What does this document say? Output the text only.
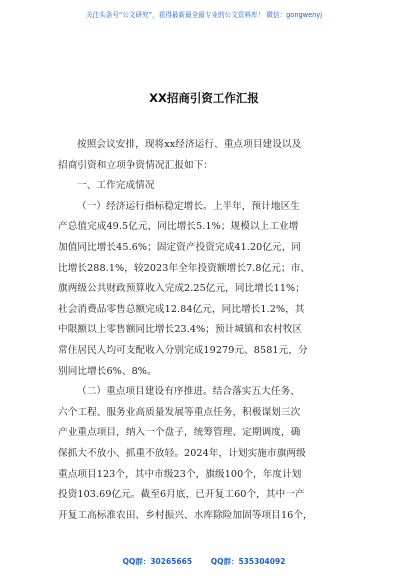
关注头条号“公文研究”，获得最新最全最专业的公文资料库！ 微信：gongwenyj
XX招商引资工作汇报
按照会议安排，现将xx经济运行、重点项目建设以及
招商引资和立项争资情况汇报如下：
一、工作完成情况
（一）经济运行指标稳定增长。上半年，预计地区生
产总值完成49.5亿元，同比增长5.1%；规模以上工业增
加值同比增长45.6%；固定资产投资完成41.20亿元，同
比增长288.1%，较2023年全年投资额增长7.8亿元；市、
旗两级公共财政预算收入完成2.25亿元，同比增长11%；
社会消费品零售总额完成12.84亿元，同比增长1.2%，其
中限额以上零售额同比增长23.4%；预计城镇和农村牧区
常住居民人均可支配收入分别完成19279元、8581元，分
别同比增长6%、8%。
（二）重点项目建设有序推进。结合落实五大任务、
六个工程、服务业高质量发展等重点任务，积极谋划三次
产业重点项目，纳入一个盘子，统筹管理、定期调度，确
保抓大不放小、抓重不放轻。2024年，计划实施市旗两级
重点项目123个，其中市级23个，旗级100个，年度计划
投资103.69亿元。截至6月底，已开复工60个，其中一产
开复工高标准农田、乡村振兴、水库除险加固等项目16个，
QQ群：30265665 QQ群：535304092
